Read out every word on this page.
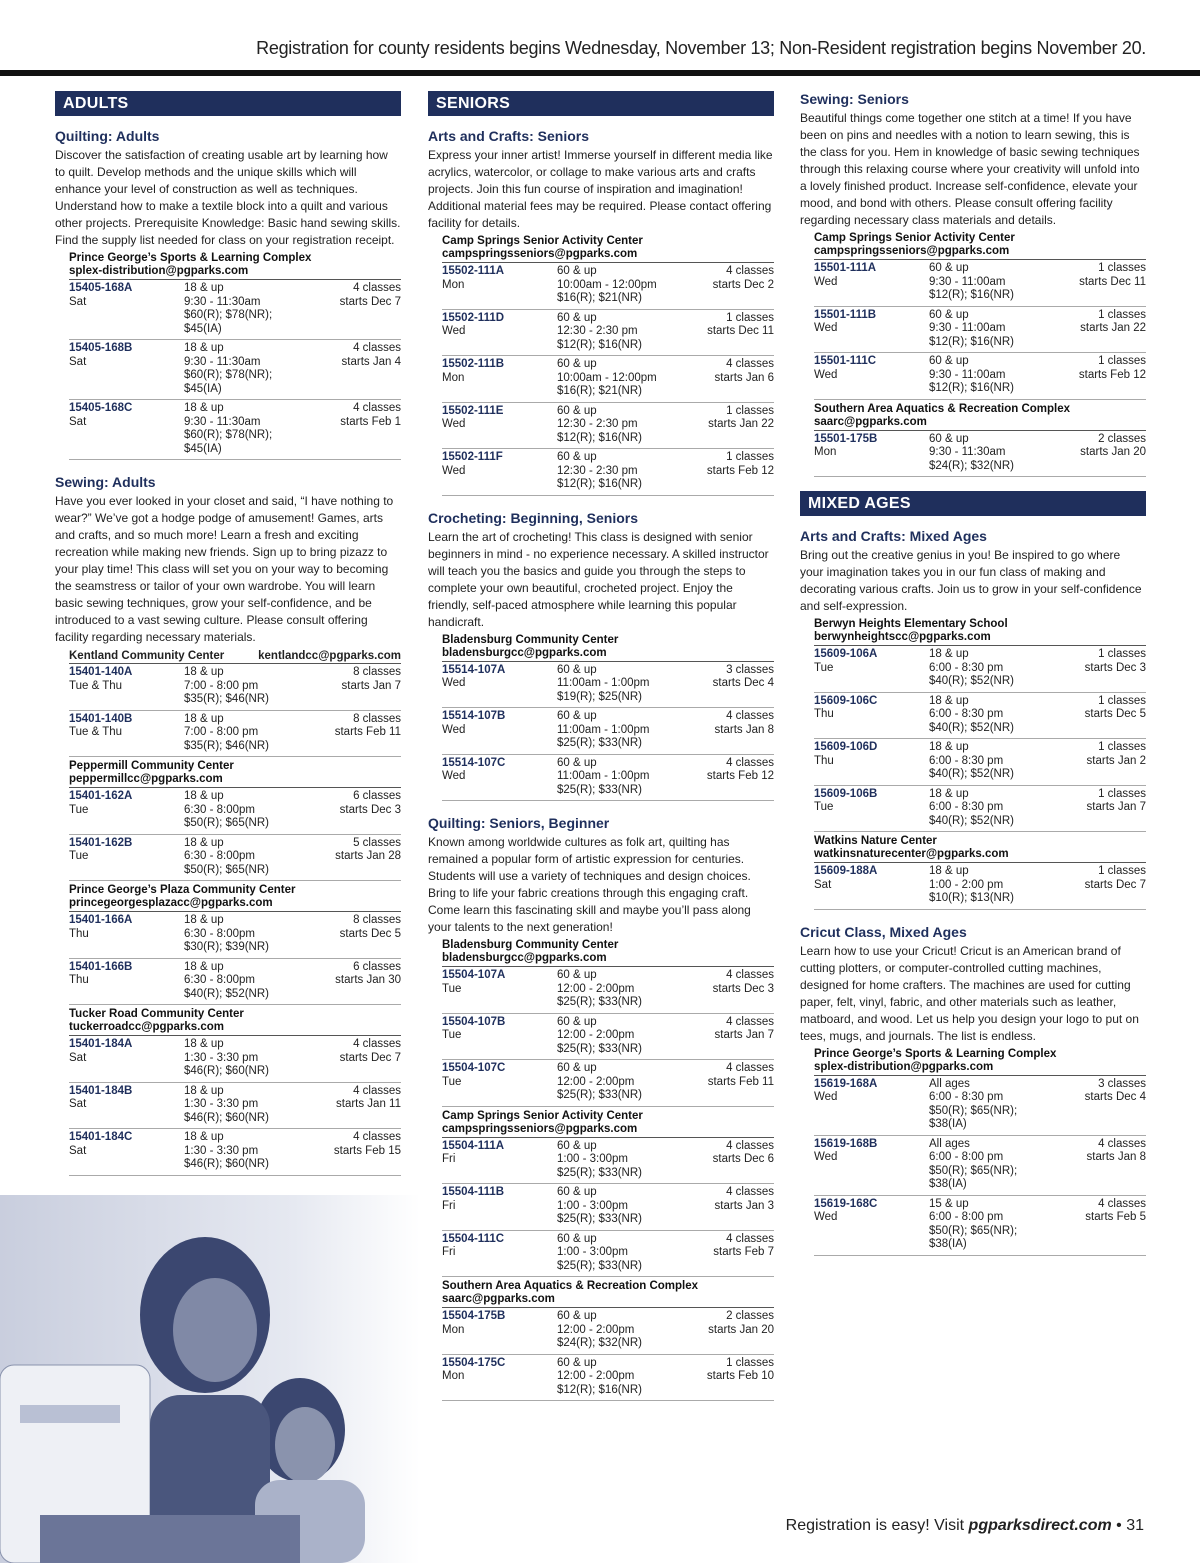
Registration for county residents begins Wednesday, November 13; Non-Resident registration begins November 20.
ADULTS
Quilting: Adults
Discover the satisfaction of creating usable art by learning how to quilt. Develop methods and the unique skills which will enhance your level of construction as well as techniques. Understand how to make a textile block into a quilt and various other projects. Prerequisite Knowledge: Basic hand sewing skills. Find the supply list needed for class on your registration receipt.
Prince George’s Sports & Learning Complex
splex-distribution@pgparks.com
15405-168A	18 & up	4 classes
Sat	9:30 - 11:30am	starts Dec 7
$60(R); $78(NR); $45(IA)
15405-168B	18 & up	4 classes
Sat	9:30 - 11:30am	starts Jan 4
$60(R); $78(NR); $45(IA)
15405-168C	18 & up	4 classes
Sat	9:30 - 11:30am	starts Feb 1
$60(R); $78(NR); $45(IA)
Sewing: Adults
Have you ever looked in your closet and said, “I have nothing to wear?” We’ve got a hodge podge of amusement! Games, arts and crafts, and so much more! Learn a fresh and exciting recreation while making new friends. Sign up to bring pizazz to your play time! This class will set you on your way to becoming the seamstress or tailor of your own wardrobe. You will learn basic sewing techniques, grow your self-confidence, and be introduced to a vast sewing culture. Please consult offering facility regarding necessary materials.
Kentland Community Center	kentlandcc@pgparks.com
15401-140A	18 & up	8 classes
Tue & Thu	7:00 - 8:00 pm	starts Jan 7
$35(R); $46(NR)
15401-140B	18 & up	8 classes
Tue & Thu	7:00 - 8:00 pm	starts Feb 11
$35(R); $46(NR)
Peppermill Community Center
peppermillcc@pgparks.com
15401-162A	18 & up	6 classes
Tue	6:30 - 8:00pm	starts Dec 3
$50(R); $65(NR)
15401-162B	18 & up	5 classes
Tue	6:30 - 8:00pm	starts Jan 28
$50(R); $65(NR)
Prince George’s Plaza Community Center
princegeorgesplazacc@pgparks.com
15401-166A	18 & up	8 classes
Thu	6:30 - 8:00pm	starts Dec 5
$30(R); $39(NR)
15401-166B	18 & up	6 classes
Thu	6:30 - 8:00pm	starts Jan 30
$40(R); $52(NR)
Tucker Road Community Center
tuckerroadcc@pgparks.com
15401-184A	18 & up	4 classes
Sat	1:30 - 3:30 pm	starts Dec 7
$46(R); $60(NR)
15401-184B	18 & up	4 classes
Sat	1:30 - 3:30 pm	starts Jan 11
$46(R); $60(NR)
15401-184C	18 & up	4 classes
Sat	1:30 - 3:30 pm	starts Feb 15
$46(R); $60(NR)
SENIORS
Arts and Crafts: Seniors
Express your inner artist! Immerse yourself in different media like acrylics, watercolor, or collage to make various arts and crafts projects. Join this fun course of inspiration and imagination! Additional material fees may be required. Please contact offering facility for details.
Camp Springs Senior Activity Center
campspringsseniors@pgparks.com
15502-111A	60 & up	4 classes
Mon	10:00am - 12:00pm	starts Dec 2
$16(R); $21(NR)
15502-111D	60 & up	1 classes
Wed	12:30 - 2:30 pm	starts Dec 11
$12(R); $16(NR)
15502-111B	60 & up	4 classes
Mon	10:00am - 12:00pm	starts Jan 6
$16(R); $21(NR)
15502-111E	60 & up	1 classes
Wed	12:30 - 2:30 pm	starts Jan 22
$12(R); $16(NR)
15502-111F	60 & up	1 classes
Wed	12:30 - 2:30 pm	starts Feb 12
$12(R); $16(NR)
Crocheting: Beginning, Seniors
Learn the art of crocheting! This class is designed with senior beginners in mind - no experience necessary. A skilled instructor will teach you the basics and guide you through the steps to complete your own beautiful, crocheted project. Enjoy the friendly, self-paced atmosphere while learning this popular handicraft.
Bladensburg Community Center
bladensburgcc@pgparks.com
15514-107A	60 & up	3 classes
Wed	11:00am - 1:00pm	starts Dec 4
$19(R); $25(NR)
15514-107B	60 & up	4 classes
Wed	11:00am - 1:00pm	starts Jan 8
$25(R); $33(NR)
15514-107C	60 & up	4 classes
Wed	11:00am - 1:00pm	starts Feb 12
$25(R); $33(NR)
Quilting: Seniors, Beginner
Known among worldwide cultures as folk art, quilting has remained a popular form of artistic expression for centuries. Students will use a variety of techniques and design choices. Bring to life your fabric creations through this engaging craft. Come learn this fascinating skill and maybe you’ll pass along your talents to the next generation!
Bladensburg Community Center
bladensburgcc@pgparks.com
15504-107A	60 & up	4 classes
Tue	12:00 - 2:00pm	starts Dec 3
$25(R); $33(NR)
15504-107B	60 & up	4 classes
Tue	12:00 - 2:00pm	starts Jan 7
$25(R); $33(NR)
15504-107C	60 & up	4 classes
Tue	12:00 - 2:00pm	starts Feb 11
$25(R); $33(NR)
Camp Springs Senior Activity Center
campspringsseniors@pgparks.com
15504-111A	60 & up	4 classes
Fri	1:00 - 3:00pm	starts Dec 6
$25(R); $33(NR)
15504-111B	60 & up	4 classes
Fri	1:00 - 3:00pm	starts Jan 3
$25(R); $33(NR)
15504-111C	60 & up	4 classes
Fri	1:00 - 3:00pm	starts Feb 7
$25(R); $33(NR)
Southern Area Aquatics & Recreation Complex
saarc@pgparks.com
15504-175B	60 & up	2 classes
Mon	12:00 - 2:00pm	starts Jan 20
$24(R); $32(NR)
15504-175C	60 & up	1 classes
Mon	12:00 - 2:00pm	starts Feb 10
$12(R); $16(NR)
Sewing: Seniors
Beautiful things come together one stitch at a time! If you have been on pins and needles with a notion to learn sewing, this is the class for you. Hem in knowledge of basic sewing techniques through this relaxing course where your creativity will unfold into a lovely finished product. Increase self-confidence, elevate your mood, and bond with others. Please consult offering facility regarding necessary class materials and details.
Camp Springs Senior Activity Center
campspringsseniors@pgparks.com
15501-111A	60 & up	1 classes
Wed	9:30 - 11:00am	starts Dec 11
$12(R); $16(NR)
15501-111B	60 & up	1 classes
Wed	9:30 - 11:00am	starts Jan 22
$12(R); $16(NR)
15501-111C	60 & up	1 classes
Wed	9:30 - 11:00am	starts Feb 12
$12(R); $16(NR)
Southern Area Aquatics & Recreation Complex
saarc@pgparks.com
15501-175B	60 & up	2 classes
Mon	9:30 - 11:30am	starts Jan 20
$24(R); $32(NR)
MIXED AGES
Arts and Crafts: Mixed Ages
Bring out the creative genius in you! Be inspired to go where your imagination takes you in our fun class of making and decorating various crafts. Join us to grow in your self-confidence and self-expression.
Berwyn Heights Elementary School
berwynheightscc@pgparks.com
15609-106A	18 & up	1 classes
Tue	6:00 - 8:30 pm	starts Dec 3
$40(R); $52(NR)
15609-106C	18 & up	1 classes
Thu	6:00 - 8:30 pm	starts Dec 5
$40(R); $52(NR)
15609-106D	18 & up	1 classes
Thu	6:00 - 8:30 pm	starts Jan 2
$40(R); $52(NR)
15609-106B	18 & up	1 classes
Tue	6:00 - 8:30 pm	starts Jan 7
$40(R); $52(NR)
Watkins Nature Center
watkinsnaturecenter@pgparks.com
15609-188A	18 & up	1 classes
Sat	1:00 - 2:00 pm	starts Dec 7
$10(R); $13(NR)
Cricut Class, Mixed Ages
Learn how to use your Cricut! Cricut is an American brand of cutting plotters, or computer-controlled cutting machines, designed for home crafters. The machines are used for cutting paper, felt, vinyl, fabric, and other materials such as leather, matboard, and wood. Let us help you design your logo to put on tees, mugs, and journals. The list is endless.
Prince George’s Sports & Learning Complex
splex-distribution@pgparks.com
15619-168A	All ages	3 classes
Wed	6:00 - 8:30 pm	starts Dec 4
$50(R); $65(NR); $38(IA)
15619-168B	All ages	4 classes
Wed	6:00 - 8:00 pm	starts Jan 8
$50(R); $65(NR); $38(IA)
15619-168C	15 & up	4 classes
Wed	6:00 - 8:00 pm	starts Feb 5
$50(R); $65(NR); $38(IA)
Registration is easy! Visit pgparksdirect.com • 31
